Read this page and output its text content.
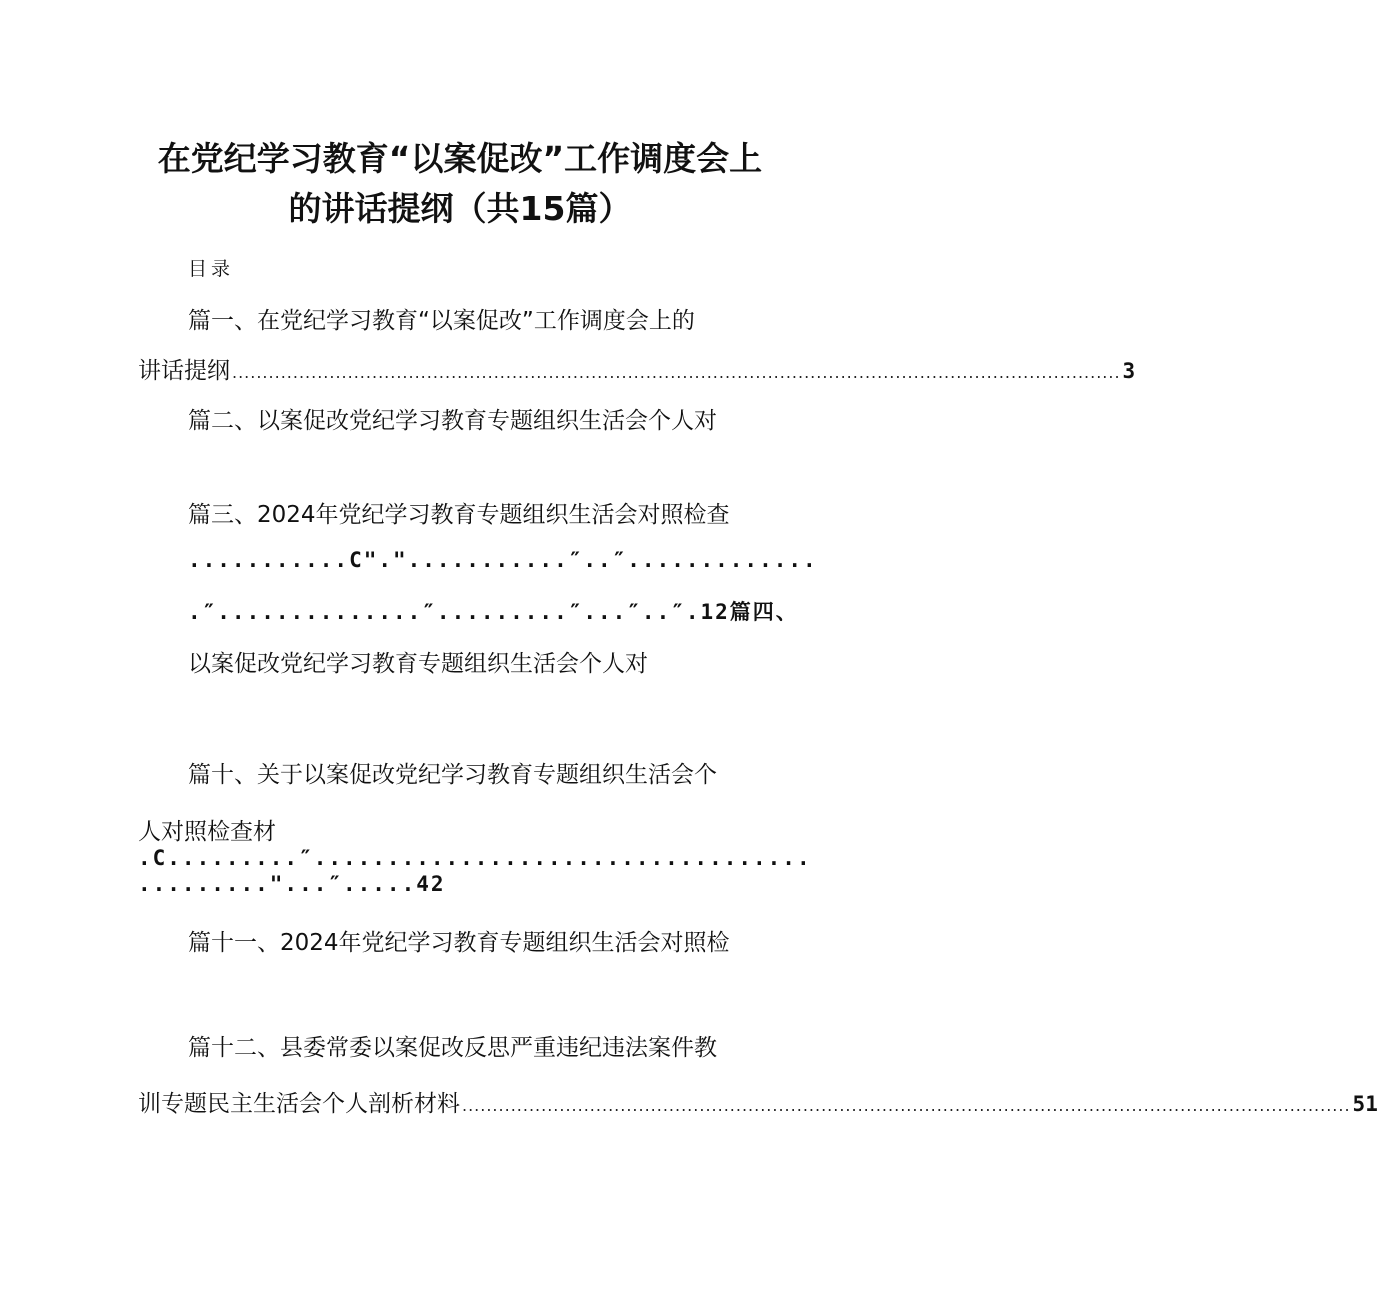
在党纪学习教育“以案促改”工作调度会上
的讲话提纲（共15篇）
目录
篇一、在党纪学习教育“以案促改”工作调度会上的
讲话提纲 .................................................................................................................................................. 3
篇二、以案促改党纪学习教育专题组织生活会个人对
篇三、2024年党纪学习教育专题组织生活会对照检查
...........C"."...........″..″.............
.″..............″.........″...″..″.12篇四、
以案促改党纪学习教育专题组织生活会个人对
篇十、关于以案促改党纪学习教育专题组织生活会个
人对照检查材
.C.........″..................................
........."...″.....42
篇十一、2024年党纪学习教育专题组织生活会对照检
篇十二、县委常委以案促改反思严重违纪违法案件教
训专题民主生活会个人剖析材料 .................................................................................................................................................. 51
